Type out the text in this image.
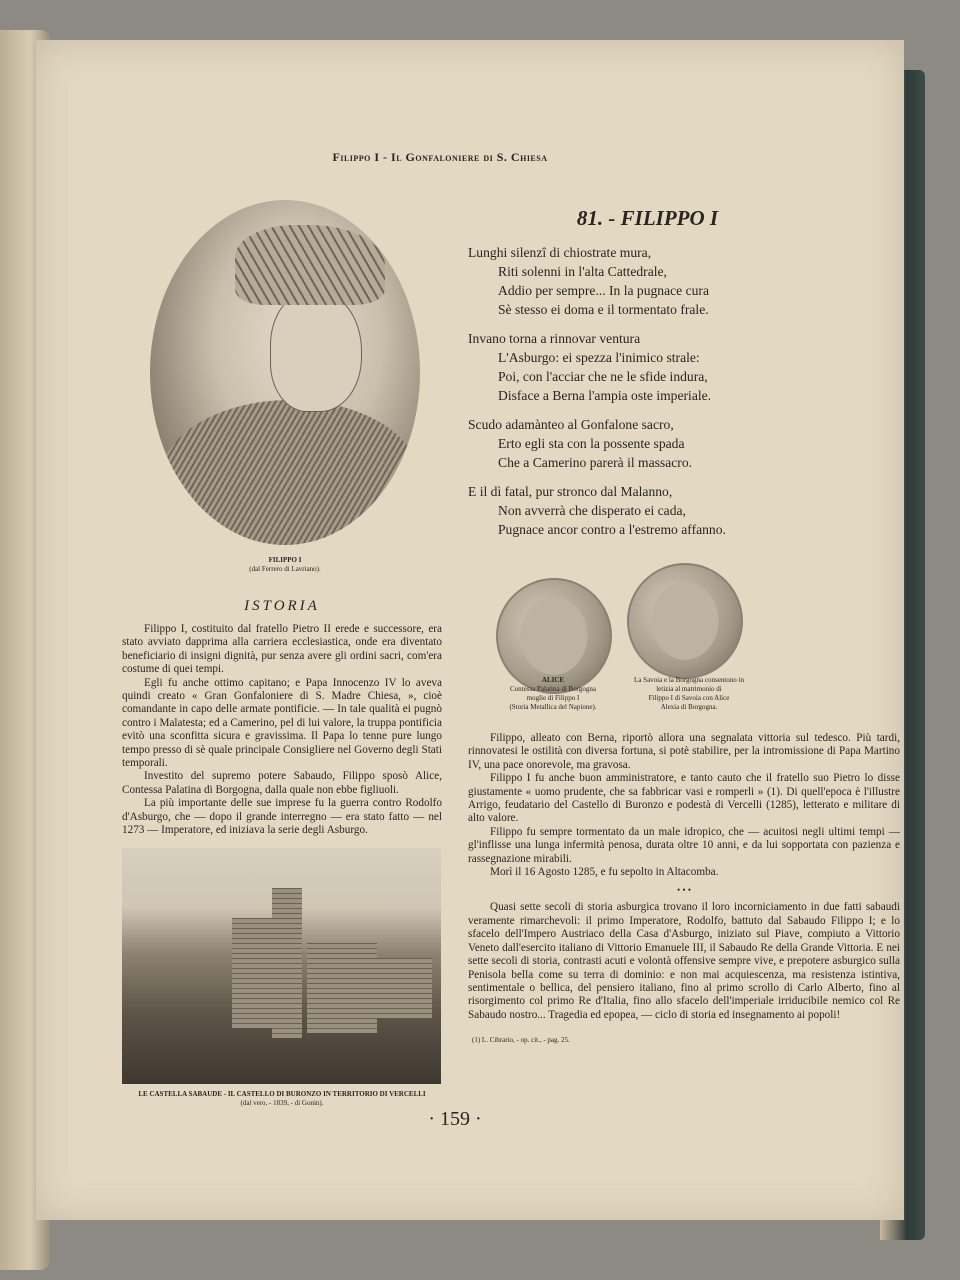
Filippo I - Il Gonfaloniere di S. Chiesa
FILIPPO I
(dal Ferrero di Lavriano).
ISTORIA

Filippo I, costituito dal fratello Pietro II erede e successore, era stato avviato dapprima alla carriera ecclesiastica, onde era diventato beneficiario di insigni dignità, pur senza avere gli ordini sacri, com'era costume di quei tempi.

Egli fu anche ottimo capitano; e Papa Innocenzo IV lo aveva quindi creato « Gran Gonfaloniere di S. Madre Chiesa, », cioè comandante in capo delle armate pontificie. — In tale qualità ei pugnò contro i Malatesta; ed a Camerino, pel di lui valore, la truppa pontificia evitò una sconfitta sicura e gravissima. Il Papa lo tenne pure lungo tempo presso di sè quale principale Consigliere nel Governo degli Stati temporali.

Investito del supremo potere Sabaudo, Filippo sposò Alice, Contessa Palatina di Borgogna, dalla quale non ebbe figliuoli.

La più importante delle sue imprese fu la guerra contro Rodolfo d'Asburgo, che — dopo il grande interregno — era stato fatto — nel 1273 — Imperatore, ed iniziava la serie degli Asburgo.

LE CASTELLA SABAUDE - IL CASTELLO DI BURONZO IN TERRITORIO DI VERCELLI
(dal vero, - 1839, - di Gonin).
81. - FILIPPO I
Lunghi silenzî di chiostrate mura,
Riti solenni in l'alta Cattedrale,
Addio per sempre... In la pugnace cura
Sè stesso ei doma e il tormentato frale.
Invano torna a rinnovar ventura
L'Asburgo: ei spezza l'inimico strale:
Poi, con l'acciar che ne le sfide indura,
Disface a Berna l'ampia oste imperiale.
Scudo adamànteo al Gonfalone sacro,
Erto egli sta con la possente spada
Che a Camerino parerà il massacro.
E il dì fatal, pur stronco dal Malanno,
Non avverrà che disperato ei cada,
Pugnace ancor contro a l'estremo affanno.
ALICE
Contessa Palatina di Borgogna
moglie di Filippo I
(Storia Metallica del Napione).
La Savoia e la Borgogna consentono in letizia al matrimonio di
Filippo I di Savoia con Alice
Alexia di Borgogna.

Filippo, alleato con Berna, riportò allora una segnalata vittoria sul tedesco. Più tardi, rinnovatesi le ostilità con diversa fortuna, si potè stabilire, per la intromissione di Papa Martino IV, una pace onorevole, ma gravosa.

Filippo I fu anche buon amministratore, e tanto cauto che il fratello suo Pietro lo disse giustamente « uomo prudente, che sa fabbricar vasi e romperli » (1). Di quell'epoca è l'illustre Arrigo, feudatario del Castello di Buronzo e podestà di Vercelli (1285), letterato e militare di alto valore.

Filippo fu sempre tormentato da un male idropico, che — acuitosi negli ultimi tempi — gl'inflisse una lunga infermità penosa, durata oltre 10 anni, e da lui sopportata con pazienza e rassegnazione mirabili.

Morì il 16 Agosto 1285, e fu sepolto in Altacomba.

• • •

Quasi sette secoli di storia asburgica trovano il loro incorniciamento in due fatti sabaudi veramente rimarchevoli: il primo Imperatore, Rodolfo, battuto dal Sabaudo Filippo I; e lo sfacelo dell'Impero Austriaco della Casa d'Asburgo, iniziato sul Piave, compiuto a Vittorio Veneto dall'esercito italiano di Vittorio Emanuele III, il Sabaudo Re della Grande Vittoria. E nei sette secoli di storia, contrasti acuti e volontà offensive sempre vive, e prepotere asburgico sulla Penisola bella come su terra di dominio: e non mai acquiescenza, ma resistenza istintiva, sentimentale o bellica, del pensiero italiano, fino al primo scrollo di Carlo Alberto, fino al risorgimento col primo Re d'Italia, fino allo sfacelo dell'imperiale irriducibile nemico col Re Sabaudo nostro... Tragedia ed epopea, — ciclo di storia ed insegnamento ai popoli!

(1) L. Cibrario, - op. cit., - pag. 25.
· 159 ·
